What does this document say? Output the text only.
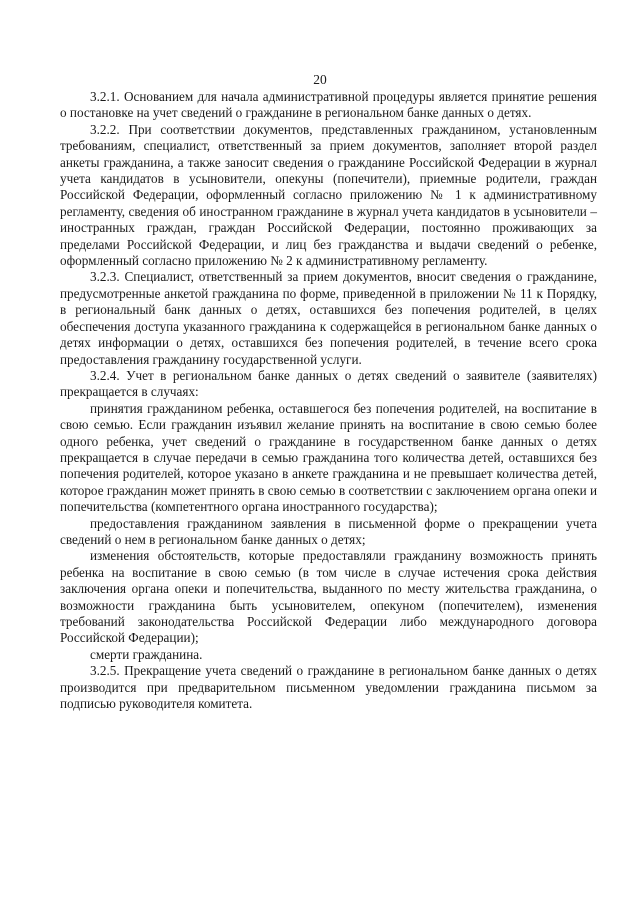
20

3.2.1. Основанием для начала административной процедуры является принятие решения о постановке на учет сведений о гражданине в региональном банке данных о детях.

3.2.2. При соответствии документов, представленных гражданином, установленным требованиям, специалист, ответственный за прием документов, заполняет второй раздел анкеты гражданина, а также заносит сведения о гражданине Российской Федерации в журнал учета кандидатов в усыновители, опекуны (попечители), приемные родители, граждан Российской Федерации, оформленный согласно приложению № 1 к административному регламенту, сведения об иностранном гражданине в журнал учета кандидатов в усыновители – иностранных граждан, граждан Российской Федерации, постоянно проживающих за пределами Российской Федерации, и лиц без гражданства и выдачи сведений о ребенке, оформленный согласно приложению № 2 к административному регламенту.

3.2.3. Специалист, ответственный за прием документов, вносит сведения о гражданине, предусмотренные анкетой гражданина по форме, приведенной в приложении № 11 к Порядку, в региональный банк данных о детях, оставшихся без попечения родителей, в целях обеспечения доступа указанного гражданина к содержащейся в региональном банке данных о детях информации о детях, оставшихся без попечения родителей, в течение всего срока предоставления гражданину государственной услуги.

3.2.4. Учет в региональном банке данных о детях сведений о заявителе (заявителях) прекращается в случаях:

принятия гражданином ребенка, оставшегося без попечения родителей, на воспитание в свою семью. Если гражданин изъявил желание принять на воспитание в свою семью более одного ребенка, учет сведений о гражданине в государственном банке данных о детях прекращается в случае передачи в семью гражданина того количества детей, оставшихся без попечения родителей, которое указано в анкете гражданина и не превышает количества детей, которое гражданин может принять в свою семью в соответствии с заключением органа опеки и попечительства (компетентного органа иностранного государства);

предоставления гражданином заявления в письменной форме о прекращении учета сведений о нем в региональном банке данных о детях;

изменения обстоятельств, которые предоставляли гражданину возможность принять ребенка на воспитание в свою семью (в том числе в случае истечения срока действия заключения органа опеки и попечительства, выданного по месту жительства гражданина, о возможности гражданина быть усыновителем, опекуном (попечителем), изменения требований законодательства Российской Федерации либо международного договора Российской Федерации);

смерти гражданина.

3.2.5. Прекращение учета сведений о гражданине в региональном банке данных о детях производится при предварительном письменном уведомлении гражданина письмом за подписью руководителя комитета.
